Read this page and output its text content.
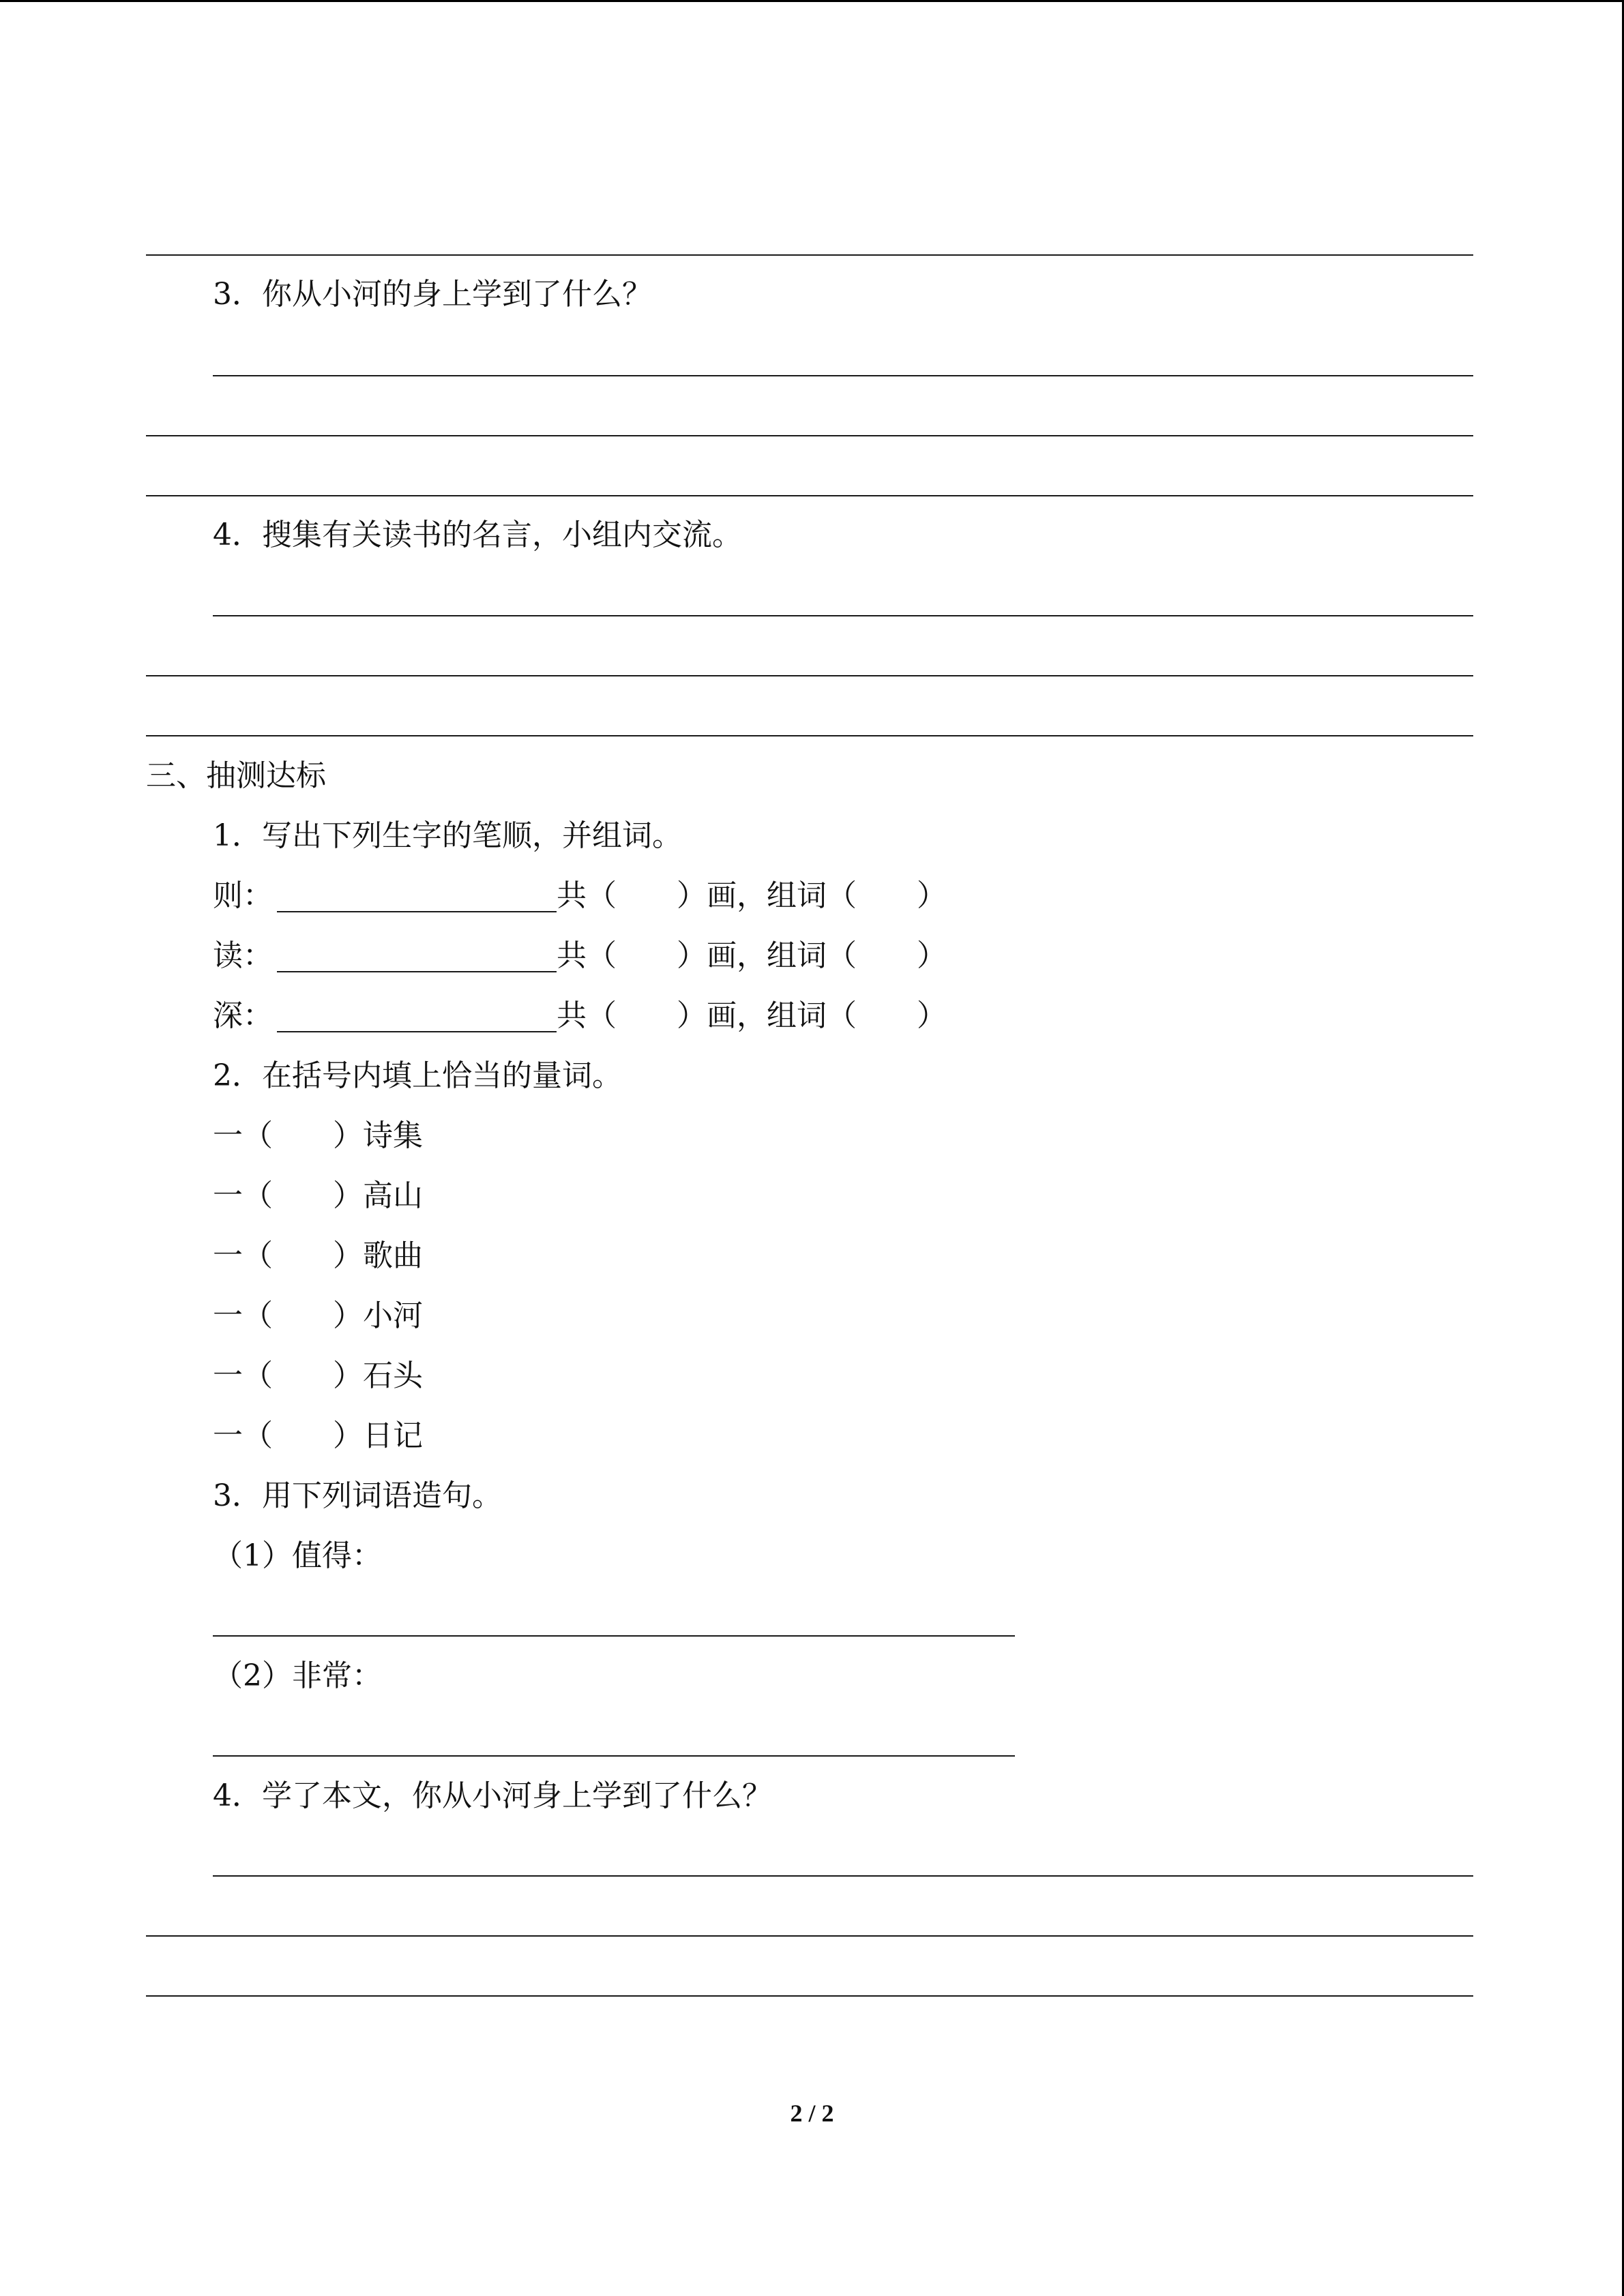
3．你从小河的身上学到了什么？
4．搜集有关读书的名言，小组内交流。
三、抽测达标
1．写出下列生字的笔顺，并组词。
则：	共（　　）画，组词（　　）
读：	共（　　）画，组词（　　）
深：	共（　　）画，组词（　　）
2．在括号内填上恰当的量词。
一（　　）诗集
一（　　）高山
一（　　）歌曲
一（　　）小河
一（　　）石头
一（　　）日记
3．用下列词语造句。
（1）值得：
（2）非常：
4．学了本文，你从小河身上学到了什么？
2 / 2
